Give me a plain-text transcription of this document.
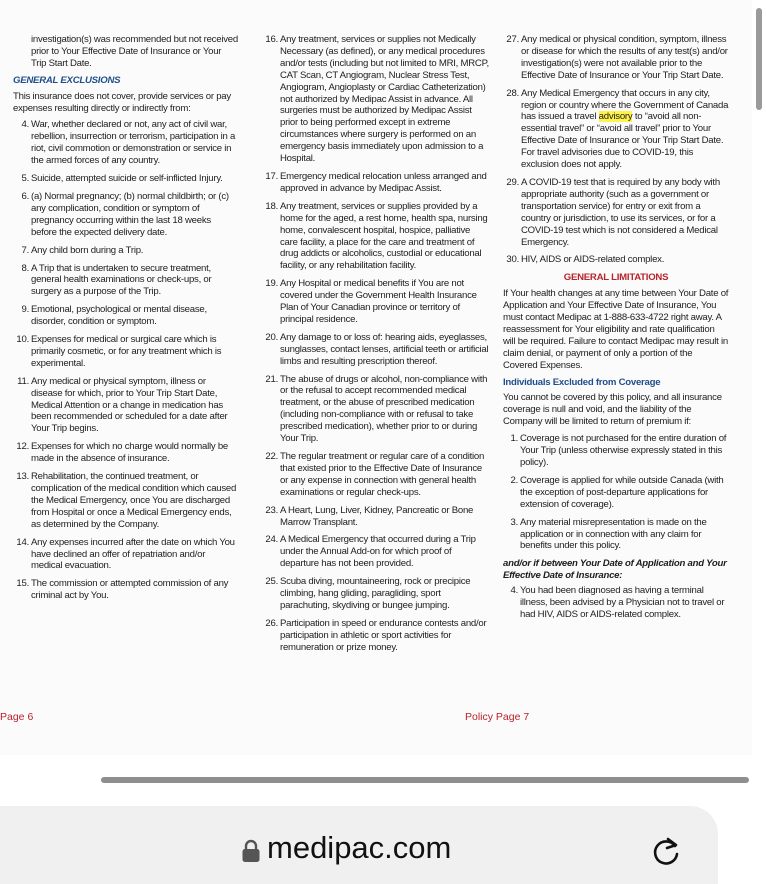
investigation(s) was recommended but not received prior to Your Effective Date of Insurance or Your Trip Start Date.
GENERAL EXCLUSIONS
This insurance does not cover, provide services or pay expenses resulting directly or indirectly from:
4. War, whether declared or not, any act of civil war, rebellion, insurrection or terrorism, participation in a riot, civil commotion or demonstration or service in the armed forces of any country.
5. Suicide, attempted suicide or self-inflicted Injury.
6. (a) Normal pregnancy; (b) normal childbirth; or (c) any complication, condition or symptom of pregnancy occurring within the last 18 weeks before the expected delivery date.
7. Any child born during a Trip.
8. A Trip that is undertaken to secure treatment, general health examinations or check-ups, or surgery as a purpose of the Trip.
9. Emotional, psychological or mental disease, disorder, condition or symptom.
10. Expenses for medical or surgical care which is primarily cosmetic, or for any treatment which is experimental.
11. Any medical or physical symptom, illness or disease for which, prior to Your Trip Start Date, Medical Attention or a change in medication has been recommended or scheduled for a date after Your Trip begins.
12. Expenses for which no charge would normally be made in the absence of insurance.
13. Rehabilitation, the continued treatment, or complication of the medical condition which caused the Medical Emergency, once You are discharged from Hospital or once a Medical Emergency ends, as determined by the Company.
14. Any expenses incurred after the date on which You have declined an offer of repatriation and/or medical evacuation.
15. The commission or attempted commission of any criminal act by You.
16. Any treatment, services or supplies not Medically Necessary (as defined), or any medical procedures and/or tests (including but not limited to MRI, MRCP, CAT Scan, CT Angiogram, Nuclear Stress Test, Angiogram, Angioplasty or Cardiac Catheterization) not authorized by Medipac Assist in advance. All surgeries must be authorized by Medipac Assist prior to being performed except in extreme circumstances where surgery is performed on an emergency basis immediately upon admission to a Hospital.
17. Emergency medical relocation unless arranged and approved in advance by Medipac Assist.
18. Any treatment, services or supplies provided by a home for the aged, a rest home, health spa, nursing home, convalescent hospital, hospice, palliative care facility, a place for the care and treatment of drug addicts or alcoholics, custodial or educational facility, or any rehabilitation facility.
19. Any Hospital or medical benefits if You are not covered under the Government Health Insurance Plan of Your Canadian province or territory of principal residence.
20. Any damage to or loss of: hearing aids, eyeglasses, sunglasses, contact lenses, artificial teeth or artificial limbs and resulting prescription thereof.
21. The abuse of drugs or alcohol, non-compliance with or the refusal to accept recommended medical treatment, or the abuse of prescribed medication (including non-compliance with or refusal to take prescribed medication), whether prior to or during Your Trip.
22. The regular treatment or regular care of a condition that existed prior to the Effective Date of Insurance or any expense in connection with general health examinations or regular check-ups.
23. A Heart, Lung, Liver, Kidney, Pancreatic or Bone Marrow Transplant.
24. A Medical Emergency that occurred during a Trip under the Annual Add-on for which proof of departure has not been provided.
25. Scuba diving, mountaineering, rock or precipice climbing, hang gliding, paragliding, sport parachuting, skydiving or bungee jumping.
26. Participation in speed or endurance contests and/or participation in athletic or sport activities for remuneration or prize money.
27. Any medical or physical condition, symptom, illness or disease for which the results of any test(s) and/or investigation(s) were not available prior to the Effective Date of Insurance or Your Trip Start Date.
28. Any Medical Emergency that occurs in any city, region or country where the Government of Canada has issued a travel advisory to “avoid all non-essential travel” or “avoid all travel” prior to Your Effective Date of Insurance or Your Trip Start Date. For travel advisories due to COVID-19, this exclusion does not apply.
29. A COVID-19 test that is required by any body with appropriate authority (such as a government or transportation service) for entry or exit from a country or jurisdiction, to use its services, or for a COVID-19 test which is not considered a Medical Emergency.
30. HIV, AIDS or AIDS-related complex.
GENERAL LIMITATIONS
If Your health changes at any time between Your Date of Application and Your Effective Date of Insurance, You must contact Medipac at 1-888-633-4722 right away. A reassessment for Your eligibility and rate qualification will be required. Failure to contact Medipac may result in claim denial, or payment of only a portion of the Covered Expenses.
Individuals Excluded from Coverage
You cannot be covered by this policy, and all insurance coverage is null and void, and the liability of the Company will be limited to return of premium if:
1. Coverage is not purchased for the entire duration of Your Trip (unless otherwise expressly stated in this policy).
2. Coverage is applied for while outside Canada (with the exception of post-departure applications for extension of coverage).
3. Any material misrepresentation is made on the application or in connection with any claim for benefits under this policy.
and/or if between Your Date of Application and Your Effective Date of Insurance:
4. You had been diagnosed as having a terminal illness, been advised by a Physician not to travel or had HIV, AIDS or AIDS-related complex.
Page 6	Policy Page 7
medipac.com
